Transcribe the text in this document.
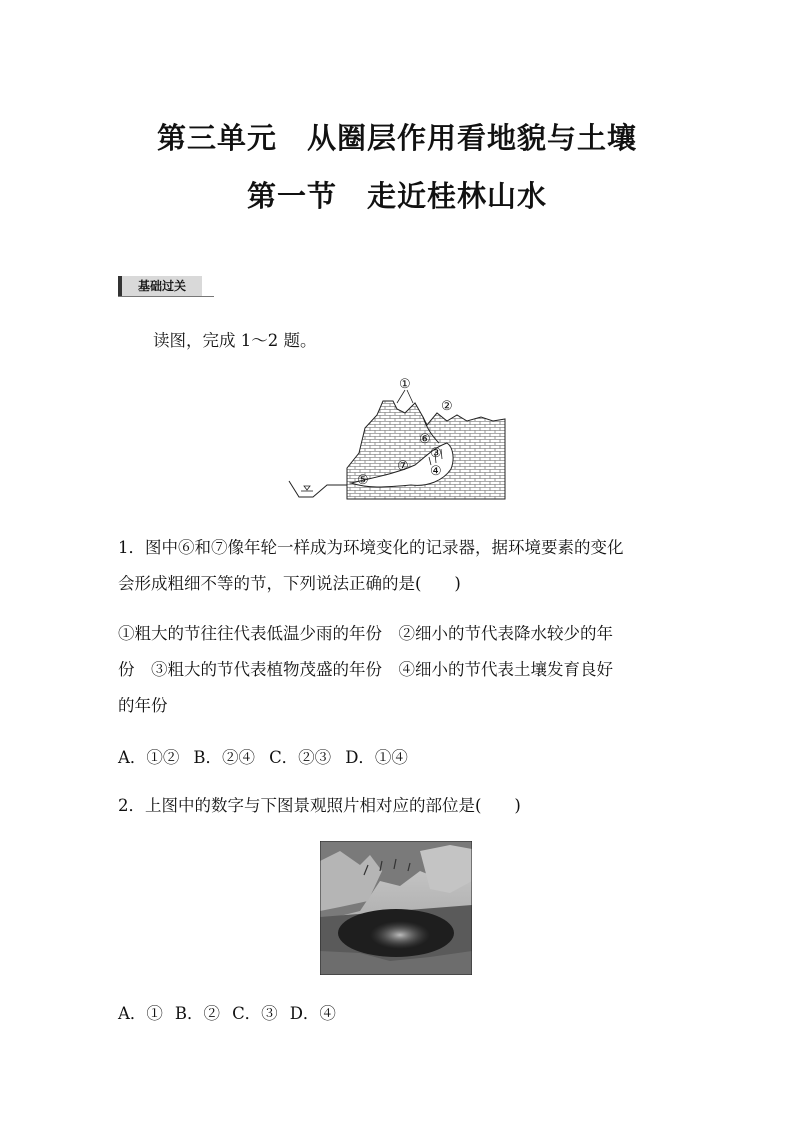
第三单元 从圈层作用看地貌与土壤
第一节 走近桂林山水
基础过关
读图，完成 1～2 题。
①
②
⑥
③
⑦ ④
⑤
1．图中⑥和⑦像年轮一样成为环境变化的记录器，据环境要素的变化
会形成粗细不等的节，下列说法正确的是(　　)
①粗大的节往往代表低温少雨的年份　②细小的节代表降水较少的年
份　③粗大的节代表植物茂盛的年份　④细小的节代表土壤发育良好
的年份
A．①② B．②④ C．②③ D．①④
2．上图中的数字与下图景观照片相对应的部位是(　　)
A．① B．② C．③ D．④
